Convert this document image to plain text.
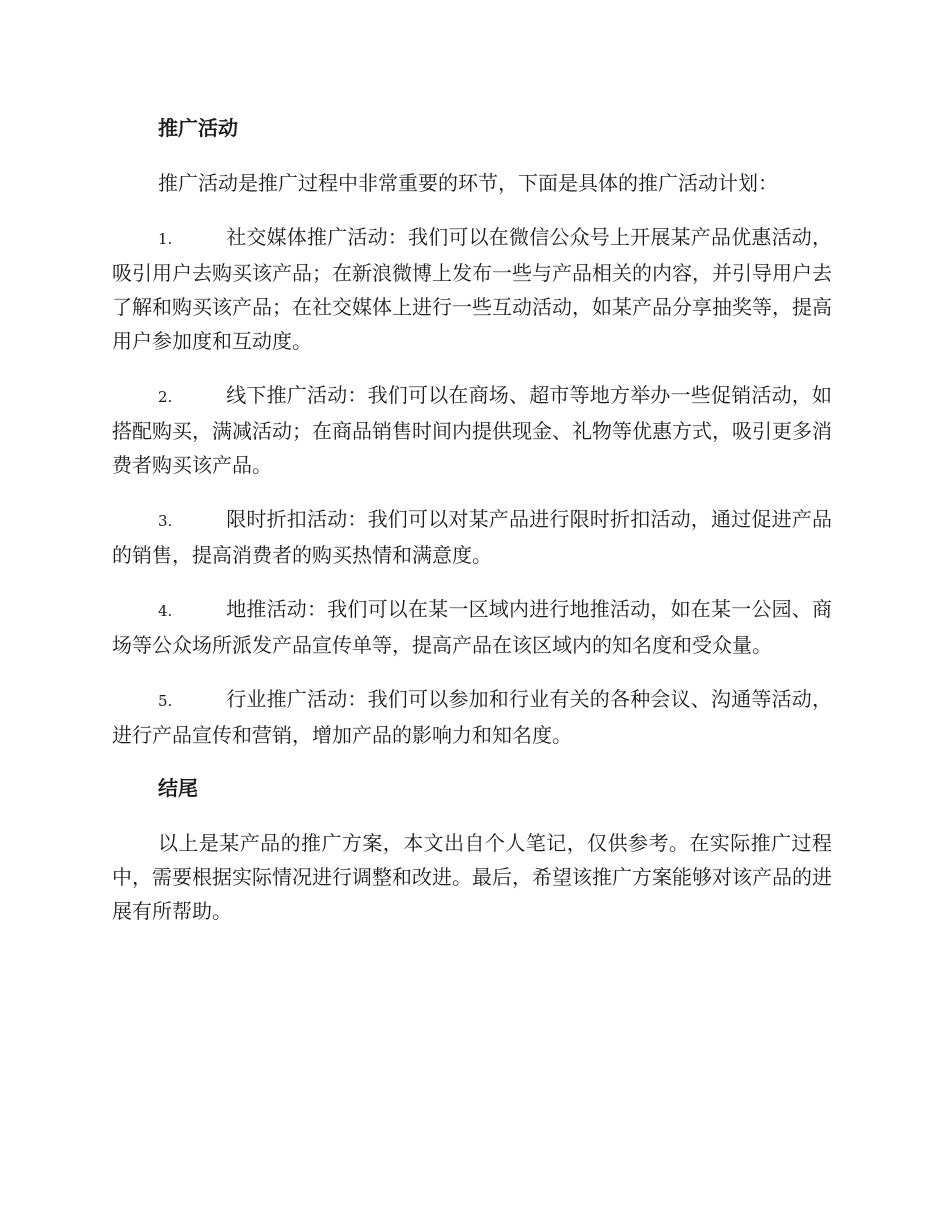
推广活动

推广活动是推广过程中非常重要的环节，下面是具体的推广活动计划：

1.	社交媒体推广活动：我们可以在微信公众号上开展某产品优惠活动，吸引用户去购买该产品；在新浪微博上发布一些与产品相关的内容，并引导用户去了解和购买该产品；在社交媒体上进行一些互动活动，如某产品分享抽奖等，提高用户参加度和互动度。

2.	线下推广活动：我们可以在商场、超市等地方举办一些促销活动，如搭配购买，满减活动；在商品销售时间内提供现金、礼物等优惠方式，吸引更多消费者购买该产品。

3.	限时折扣活动：我们可以对某产品进行限时折扣活动，通过促进产品的销售，提高消费者的购买热情和满意度。

4.	地推活动：我们可以在某一区域内进行地推活动，如在某一公园、商场等公众场所派发产品宣传单等，提高产品在该区域内的知名度和受众量。

5.	行业推广活动：我们可以参加和行业有关的各种会议、沟通等活动，进行产品宣传和营销，增加产品的影响力和知名度。

结尾

以上是某产品的推广方案，本文出自个人笔记，仅供参考。在实际推广过程中，需要根据实际情况进行调整和改进。最后，希望该推广方案能够对该产品的进展有所帮助。
